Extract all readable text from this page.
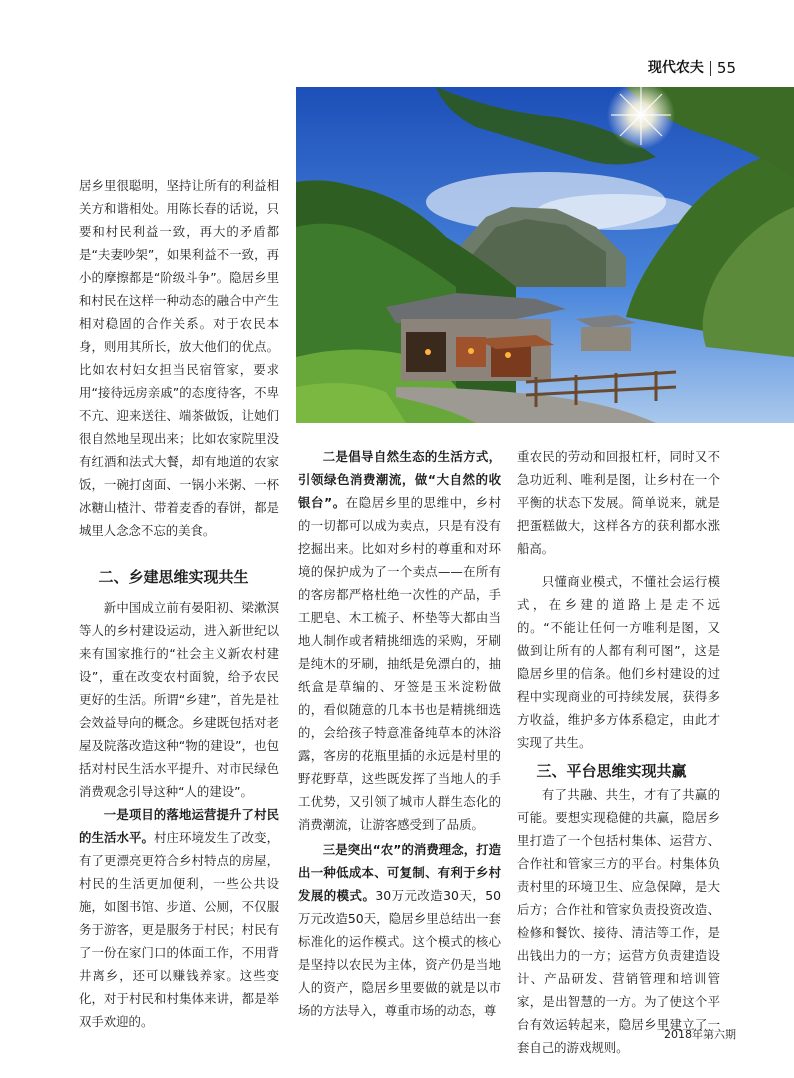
现代农夫 55

居乡里很聪明，坚持让所有的利益相关方和谐相处。用陈长春的话说，只要和村民利益一致，再大的矛盾都是“夫妻吵架”，如果利益不一致，再小的摩擦都是“阶级斗争”。隐居乡里和村民在这样一种动态的融合中产生相对稳固的合作关系。对于农民本身，则用其所长，放大他们的优点。比如农村妇女担当民宿管家，要求用“接待远房亲戚”的态度待客，不卑不亢、迎来送往、端茶做饭，让她们很自然地呈现出来；比如农家院里没有红酒和法式大餐，却有地道的农家饭，一碗打卤面、一锅小米粥、一杯冰糖山楂汁、带着麦香的春饼，都是城里人念念不忘的美食。

二、乡建思维实现共生

新中国成立前有晏阳初、梁漱溟等人的乡村建设运动，进入新世纪以来有国家推行的“社会主义新农村建设”，重在改变农村面貌，给予农民更好的生活。所谓“乡建”，首先是社会效益导向的概念。乡建既包括对老屋及院落改造这种“物的建设”，也包括对村民生活水平提升、对市民绿色消费观念引导这种“人的建设”。

一是项目的落地运营提升了村民的生活水平。村庄环境发生了改变，有了更漂亮更符合乡村特点的房屋，村民的生活更加便利，一些公共设施，如图书馆、步道、公厕，不仅服务于游客，更是服务于村民；村民有了一份在家门口的体面工作，不用背井离乡，还可以赚钱养家。这些变化，对于村民和村集体来讲，都是举双手欢迎的。

二是倡导自然生态的生活方式，引领绿色消费潮流，做“大自然的收银台”。在隐居乡里的思维中，乡村的一切都可以成为卖点，只是有没有挖掘出来。比如对乡村的尊重和对环境的保护成为了一个卖点——在所有的客房都严格杜绝一次性的产品，手工肥皂、木工梳子、杯垫等大都由当地人制作或者精挑细选的采购，牙刷是纯木的牙刷，抽纸是免漂白的，抽纸盒是草编的、牙签是玉米淀粉做的，看似随意的几本书也是精挑细选的，会给孩子特意准备纯草本的沐浴露，客房的花瓶里插的永远是村里的野花野草，这些既发挥了当地人的手工优势，又引领了城市人群生态化的消费潮流，让游客感受到了品质。

三是突出“农”的消费理念，打造出一种低成本、可复制、有利于乡村发展的模式。30万元改造30天，50万元改造50天，隐居乡里总结出一套标准化的运作模式。这个模式的核心是坚持以农民为主体，资产仍是当地人的资产，隐居乡里要做的就是以市场的方法导入，尊重市场的动态，尊

重农民的劳动和回报杠杆，同时又不急功近利、唯利是图，让乡村在一个平衡的状态下发展。简单说来，就是把蛋糕做大，这样各方的获利都水涨船高。

只懂商业模式，不懂社会运行模式，在乡建的道路上是走不远的。“不能让任何一方唯利是图，又做到让所有的人都有利可图”，这是隐居乡里的信条。他们乡村建设的过程中实现商业的可持续发展，获得多方收益，维护多方体系稳定，由此才实现了共生。

三、平台思维实现共赢

有了共融、共生，才有了共赢的可能。要想实现稳健的共赢，隐居乡里打造了一个包括村集体、运营方、合作社和管家三方的平台。村集体负责村里的环境卫生、应急保障，是大后方；合作社和管家负责投资改造、检修和餐饮、接待、清洁等工作，是出钱出力的一方；运营方负责建造设计、产品研发、营销管理和培训管家，是出智慧的一方。为了使这个平台有效运转起来，隐居乡里建立了一套自己的游戏规则。

2018年第六期
